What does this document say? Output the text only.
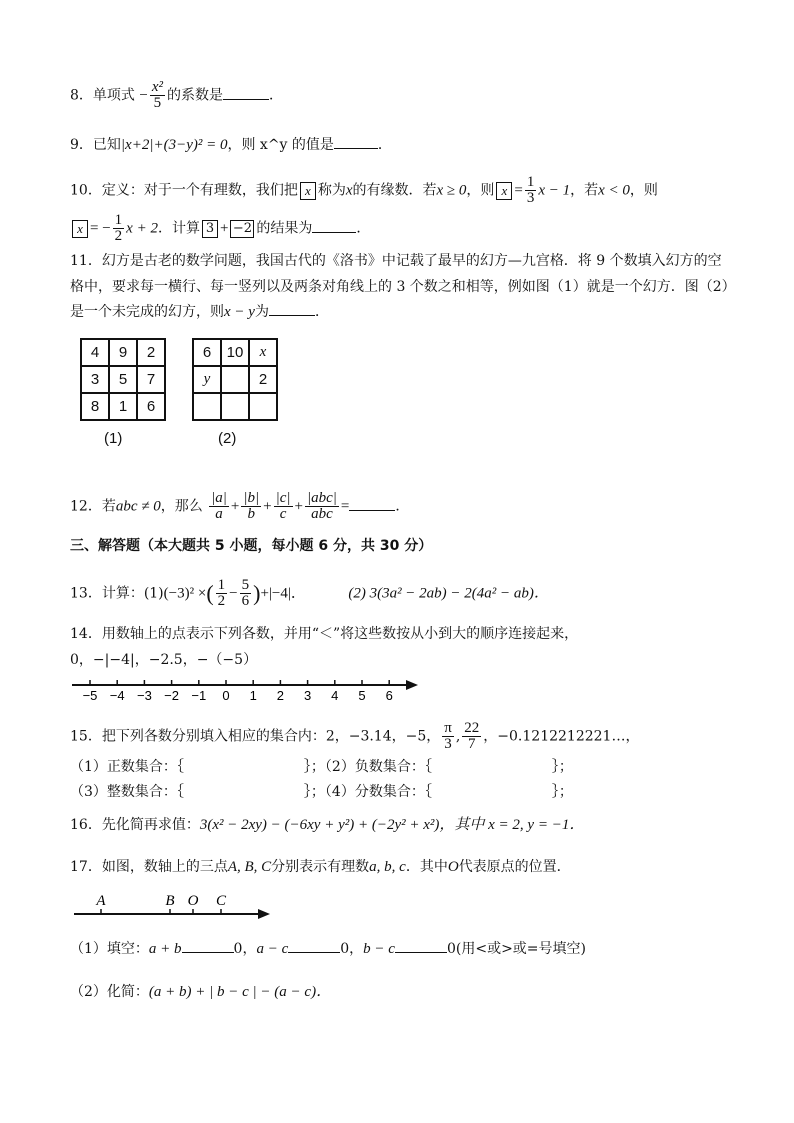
8．单项式 − $\frac{\text{x²}}{5}$ 的系数是	．
9．已知|x+2|+(3−y)² = 0，则 x^y 的值是	．
10．定义：对于一个有理数，我们把 x 称为x的有缘数．若x ≥ 0，则 $x = \frac{1}{3}$ x − 1，若x < 0，则
x = − $\frac{1}{2}$ x + 2．计算 3 + −2 的结果为	．
11．幻方是古老的数学问题，我国古代的《洛书》中记载了最早的幻方—九宫格．将 9 个数填入幻方的空
格中，要求每一横行、每一竖列以及两条对角线上的 3 个数之和相等，例如图（1）就是一个幻方．图（2）
是一个未完成的幻方，则x − y为	．
4	9	2
3	5	7
8	1	6
6	10	x
y		2

(1)	(2)
12．若abc ≠ 0，那么 $\frac{|a|}{a} + \frac{|b|}{b} + \frac{|c|}{c} + \frac{\text{|abc|}}{\text{abc}}$ =	．
三、解答题（本大题共 5 小题，每小题 6 分，共 30 分）
13．计算：(1)(−3)² ×( $\frac{1}{2} - \frac{5}{6} )+|-4|$．	(2) 3(3a² − 2ab) − 2(4a² − ab)．
14．用数轴上的点表示下列各数，并用“＜”将这些数按从小到大的顺序连接起来，
0，−|−4|，−2.5，−（−5）
−5 −4 −3 −2 −1 0 1 2 3 4 5 6
15．把下列各数分别填入相应的集合内：2，−3.14，−5， $\frac{\pi}{3}$ , $\frac{22}{7}$ ，−0.1212212221…，
（1）正数集合：｛	｝；（2）负数集合：｛	｝；
（3）整数集合：｛	｝；（4）分数集合：｛	｝；
16．先化简再求值：3(x² − 2xy) − (−6xy + y²) + (−2y² + x²)，其中 x = 2, y = −1．
17．如图，数轴上的三点A, B, C分别表示有理数a, b, c．其中O代表原点的位置．
A	B O C
（1）填空：a + b	0，a − c	0，b − c	0(用<或>或=号填空)
（2）化简：(a + b) + | b − c | − (a − c)．
